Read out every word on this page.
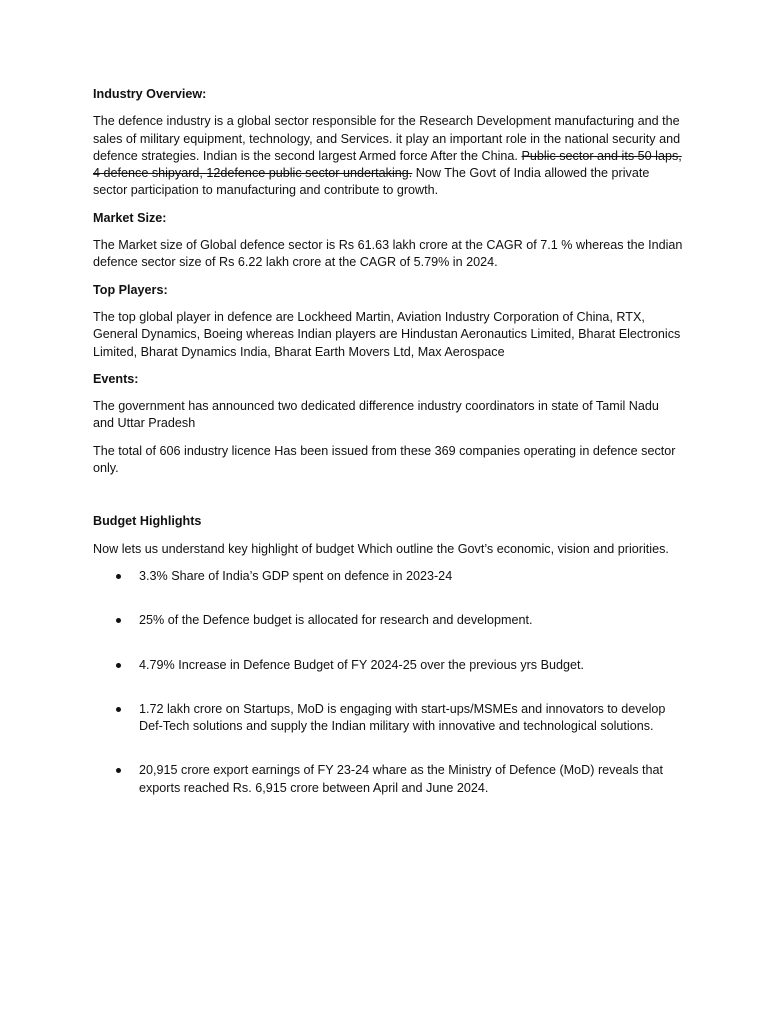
Industry Overview:

The defence industry is a global sector responsible for the Research Development manufacturing and the sales of military equipment, technology, and Services. it play an important role in the national security and defence strategies. Indian is the second largest Armed force After the China. Public sector and its 50 laps, 4 defence shipyard, 12defence public sector undertaking. Now The Govt of India allowed the private sector participation to manufacturing and contribute to growth.

Market Size:

The Market size of Global defence sector is Rs 61.63 lakh crore at the CAGR of 7.1 % whereas the Indian defence sector size of Rs 6.22 lakh crore at the CAGR of 5.79% in 2024.

Top Players:

The top global player in defence are Lockheed Martin, Aviation Industry Corporation of China, RTX, General Dynamics, Boeing whereas Indian players are Hindustan Aeronautics Limited, Bharat Electronics Limited, Bharat Dynamics India, Bharat Earth Movers Ltd, Max Aerospace

Events:

The government has announced two dedicated difference industry coordinators in state of Tamil Nadu and Uttar Pradesh

The total of 606 industry licence Has been issued from these 369 companies operating in defence sector only.

Budget Highlights

Now lets us understand key highlight of budget Which outline the Govt’s economic, vision and priorities.

3.3% Share of India’s GDP spent on defence in 2023-24
25% of the Defence budget is allocated for research and development.
4.79% Increase in Defence Budget of FY 2024-25 over the previous yrs Budget.
1.72 lakh crore on Startups, MoD is engaging with start-ups/MSMEs and innovators to develop Def-Tech solutions and supply the Indian military with innovative and technological solutions.
20,915 crore export earnings of FY 23-24 whare as the Ministry of Defence (MoD) reveals that exports reached Rs. 6,915 crore between April and June 2024.
